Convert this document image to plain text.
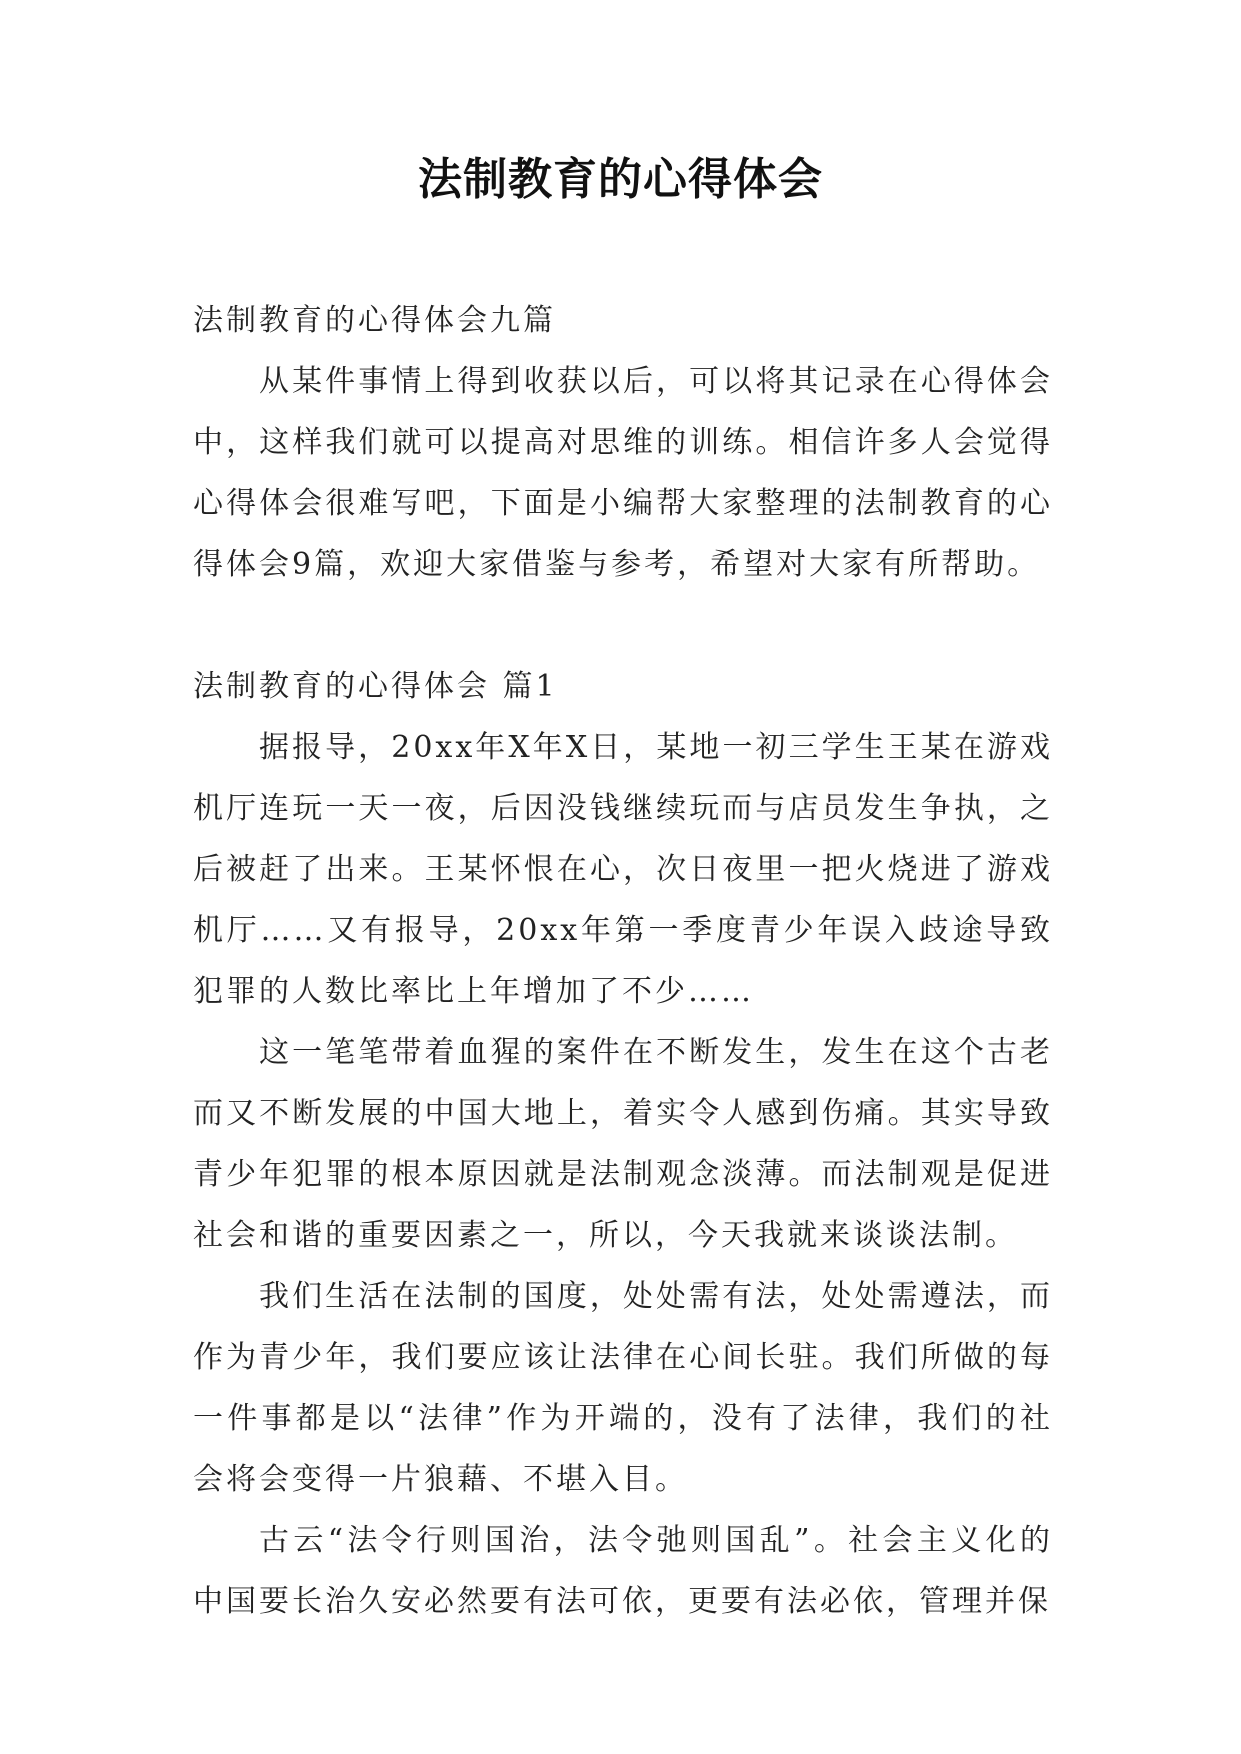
法制教育的心得体会

法制教育的心得体会九篇

从某件事情上得到收获以后，可以将其记录在心得体会中，这样我们就可以提高对思维的训练。相信许多人会觉得心得体会很难写吧，下面是小编帮大家整理的法制教育的心得体会9篇，欢迎大家借鉴与参考，希望对大家有所帮助。

法制教育的心得体会 篇1

据报导，20xx年X年X日，某地一初三学生王某在游戏机厅连玩一天一夜，后因没钱继续玩而与店员发生争执，之后被赶了出来。王某怀恨在心，次日夜里一把火烧进了游戏机厅……又有报导，20xx年第一季度青少年误入歧途导致犯罪的人数比率比上年增加了不少……

这一笔笔带着血猩的案件在不断发生，发生在这个古老而又不断发展的中国大地上，着实令人感到伤痛。其实导致青少年犯罪的根本原因就是法制观念淡薄。而法制观是促进社会和谐的重要因素之一，所以，今天我就来谈谈法制。

我们生活在法制的国度，处处需有法，处处需遵法，而作为青少年，我们要应该让法律在心间长驻。我们所做的每一件事都是以“法律”作为开端的，没有了法律，我们的社会将会变得一片狼藉、不堪入目。

古云“法令行则国治，法令弛则国乱”。社会主义化的中国要长治久安必然要有法可依，更要有法必依，管理并保
